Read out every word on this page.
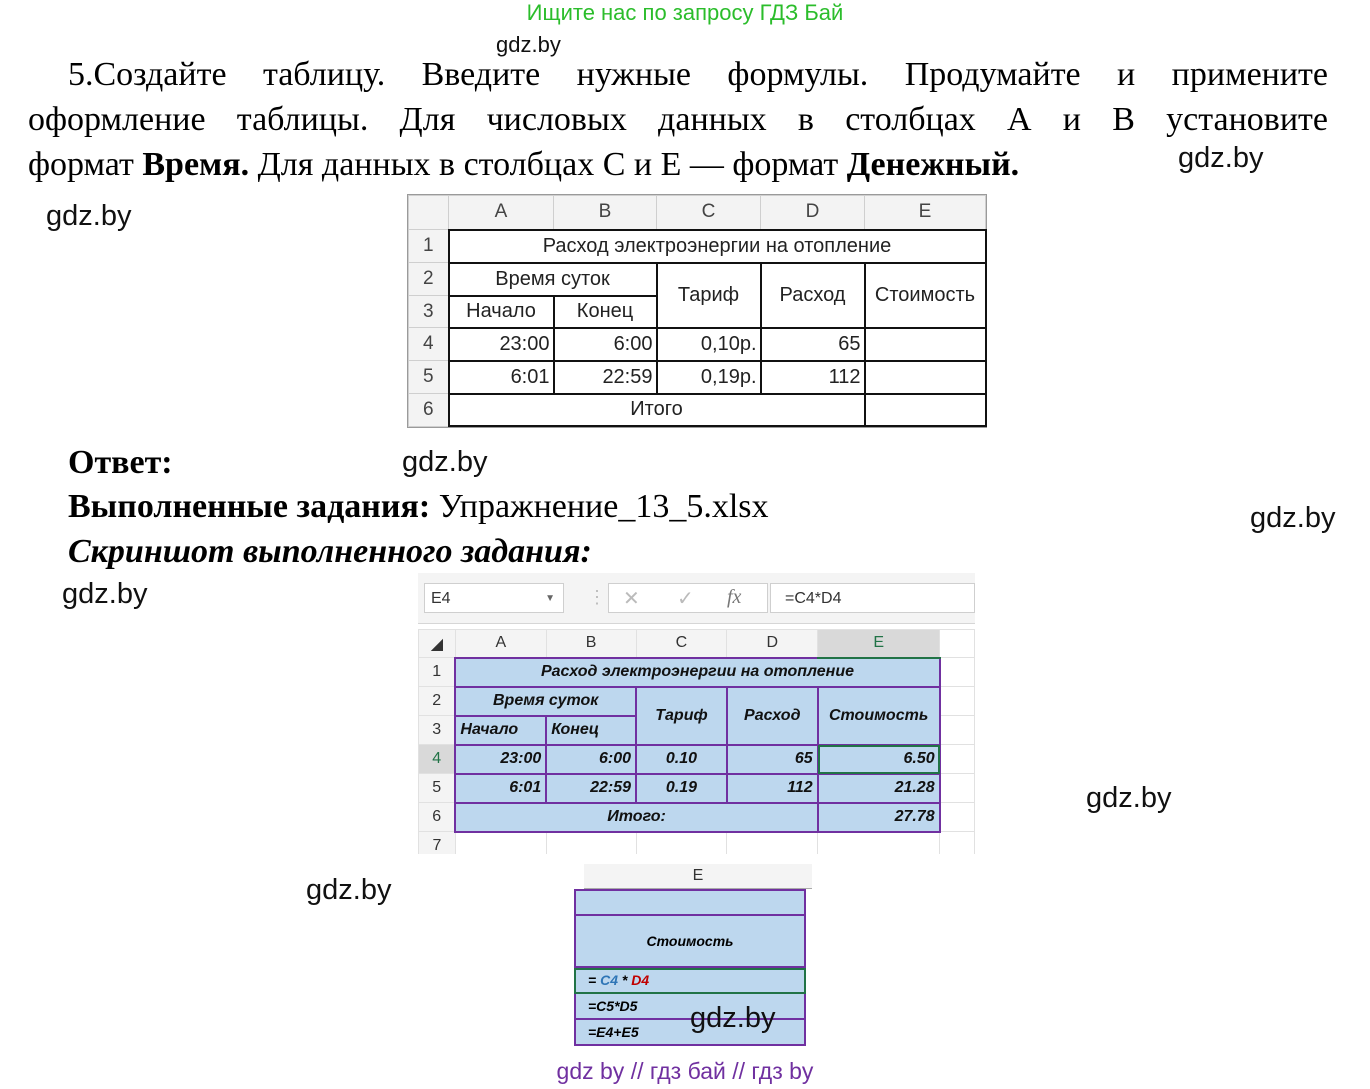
Ищите нас по запросу ГДЗ Бай
gdz.by
5.Создайте таблицу. Введите нужные формулы. Продумайте и примените
оформление таблицы. Для числовых данных в столбцах А и В установите
формат Время. Для данных в столбцах С и Е — формат Денежный.	gdz.by
gdz.by
		A	B	C	D	E
1	Расход электроэнергии на отопление				
2	Время суток		Тариф	Расход	Стоимость
3	Начало	Конец			
4	23:00	6:00	0,10р.	65	
5	6:01	22:59	0,19р.	112	
6	Итого				
Ответ:	gdz.by
Выполненные задания: Упражнение_13_5.xlsx	gdz.by
Скриншот выполненного задания:
gdz.by	E4	▼ ⋮ ✕ ✓ fx	=C4*D4
◢	A	B	C	D	E	
1	Расход электроэнергии на отопление					
2	Время суток		Тариф	Расход	Стоимость	
3	Начало	Конец				
4	23:00	6:00	0.10	65	6.50	
5	6:01	22:59	0.19	112	21.28	
6	Итого:				27.78	
7						
gdz.by
gdz.by	E
Стоимость
= C4 * D4
=C5*D5
=E4+E5	gdz.by
gdz by // гдз бай // гдз by
